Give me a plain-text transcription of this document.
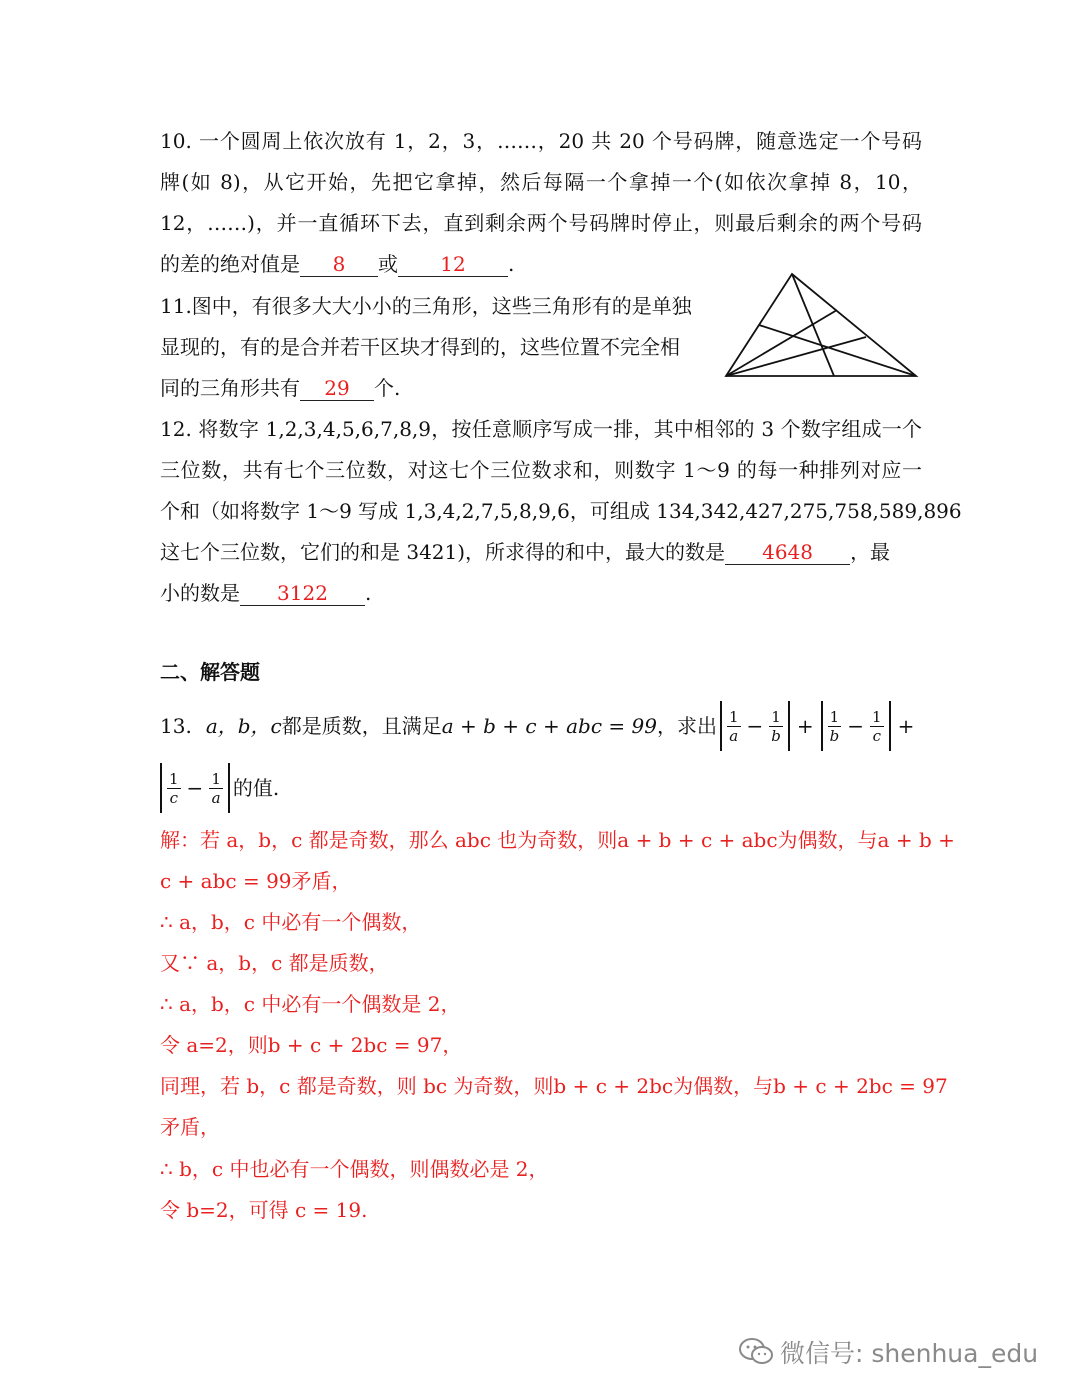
10. 一个圆周上依次放有 1，2，3，……，20 共 20 个号码牌，随意选定一个号码
牌(如 8)，从它开始，先把它拿掉，然后每隔一个拿掉一个(如依次拿掉 8，10，
12，……)，并一直循环下去，直到剩余两个号码牌时停止，则最后剩余的两个号码
的差的绝对值是 8 或 12 .
11.图中，有很多大大小小的三角形，这些三角形有的是单独
显现的，有的是合并若干区块才得到的，这些位置不完全相
同的三角形共有 29 个.
12. 将数字 1,2,3,4,5,6,7,8,9，按任意顺序写成一排，其中相邻的 3 个数字组成一个
三位数，共有七个三位数，对这七个三位数求和，则数字 1～9 的每一种排列对应一
个和（如将数字 1～9 写成 1,3,4,2,7,5,8,9,6，可组成 134,342,427,275,758,589,896
这七个三位数，它们的和是 3421)，所求得的和中，最大的数是 4648 ，最
小的数是 3122 .
二、解答题
13. a，b，c 都是质数，且满足 a + b + c + abc = 99 ，求出 $\frac{1}{a} - \frac{1}{b} + \frac{1}{b} - \frac{1}{c}$ +
$\frac{1}{c} - \frac{1}{a}$ 的值.
解：若 a，b，c 都是奇数，那么 abc 也为奇数，则a + b + c + abc为偶数，与a + b +
c + abc = 99矛盾，
∴ a，b，c 中必有一个偶数，
又∵ a，b，c 都是质数，
∴ a，b，c 中必有一个偶数是 2，
令 a=2，则b + c + 2bc = 97，
同理，若 b，c 都是奇数，则 bc 为奇数，则b + c + 2bc为偶数，与b + c + 2bc = 97
矛盾，
∴ b，c 中也必有一个偶数，则偶数必是 2，
令 b=2，可得 c = 19.
微信号: shenhua_edu
